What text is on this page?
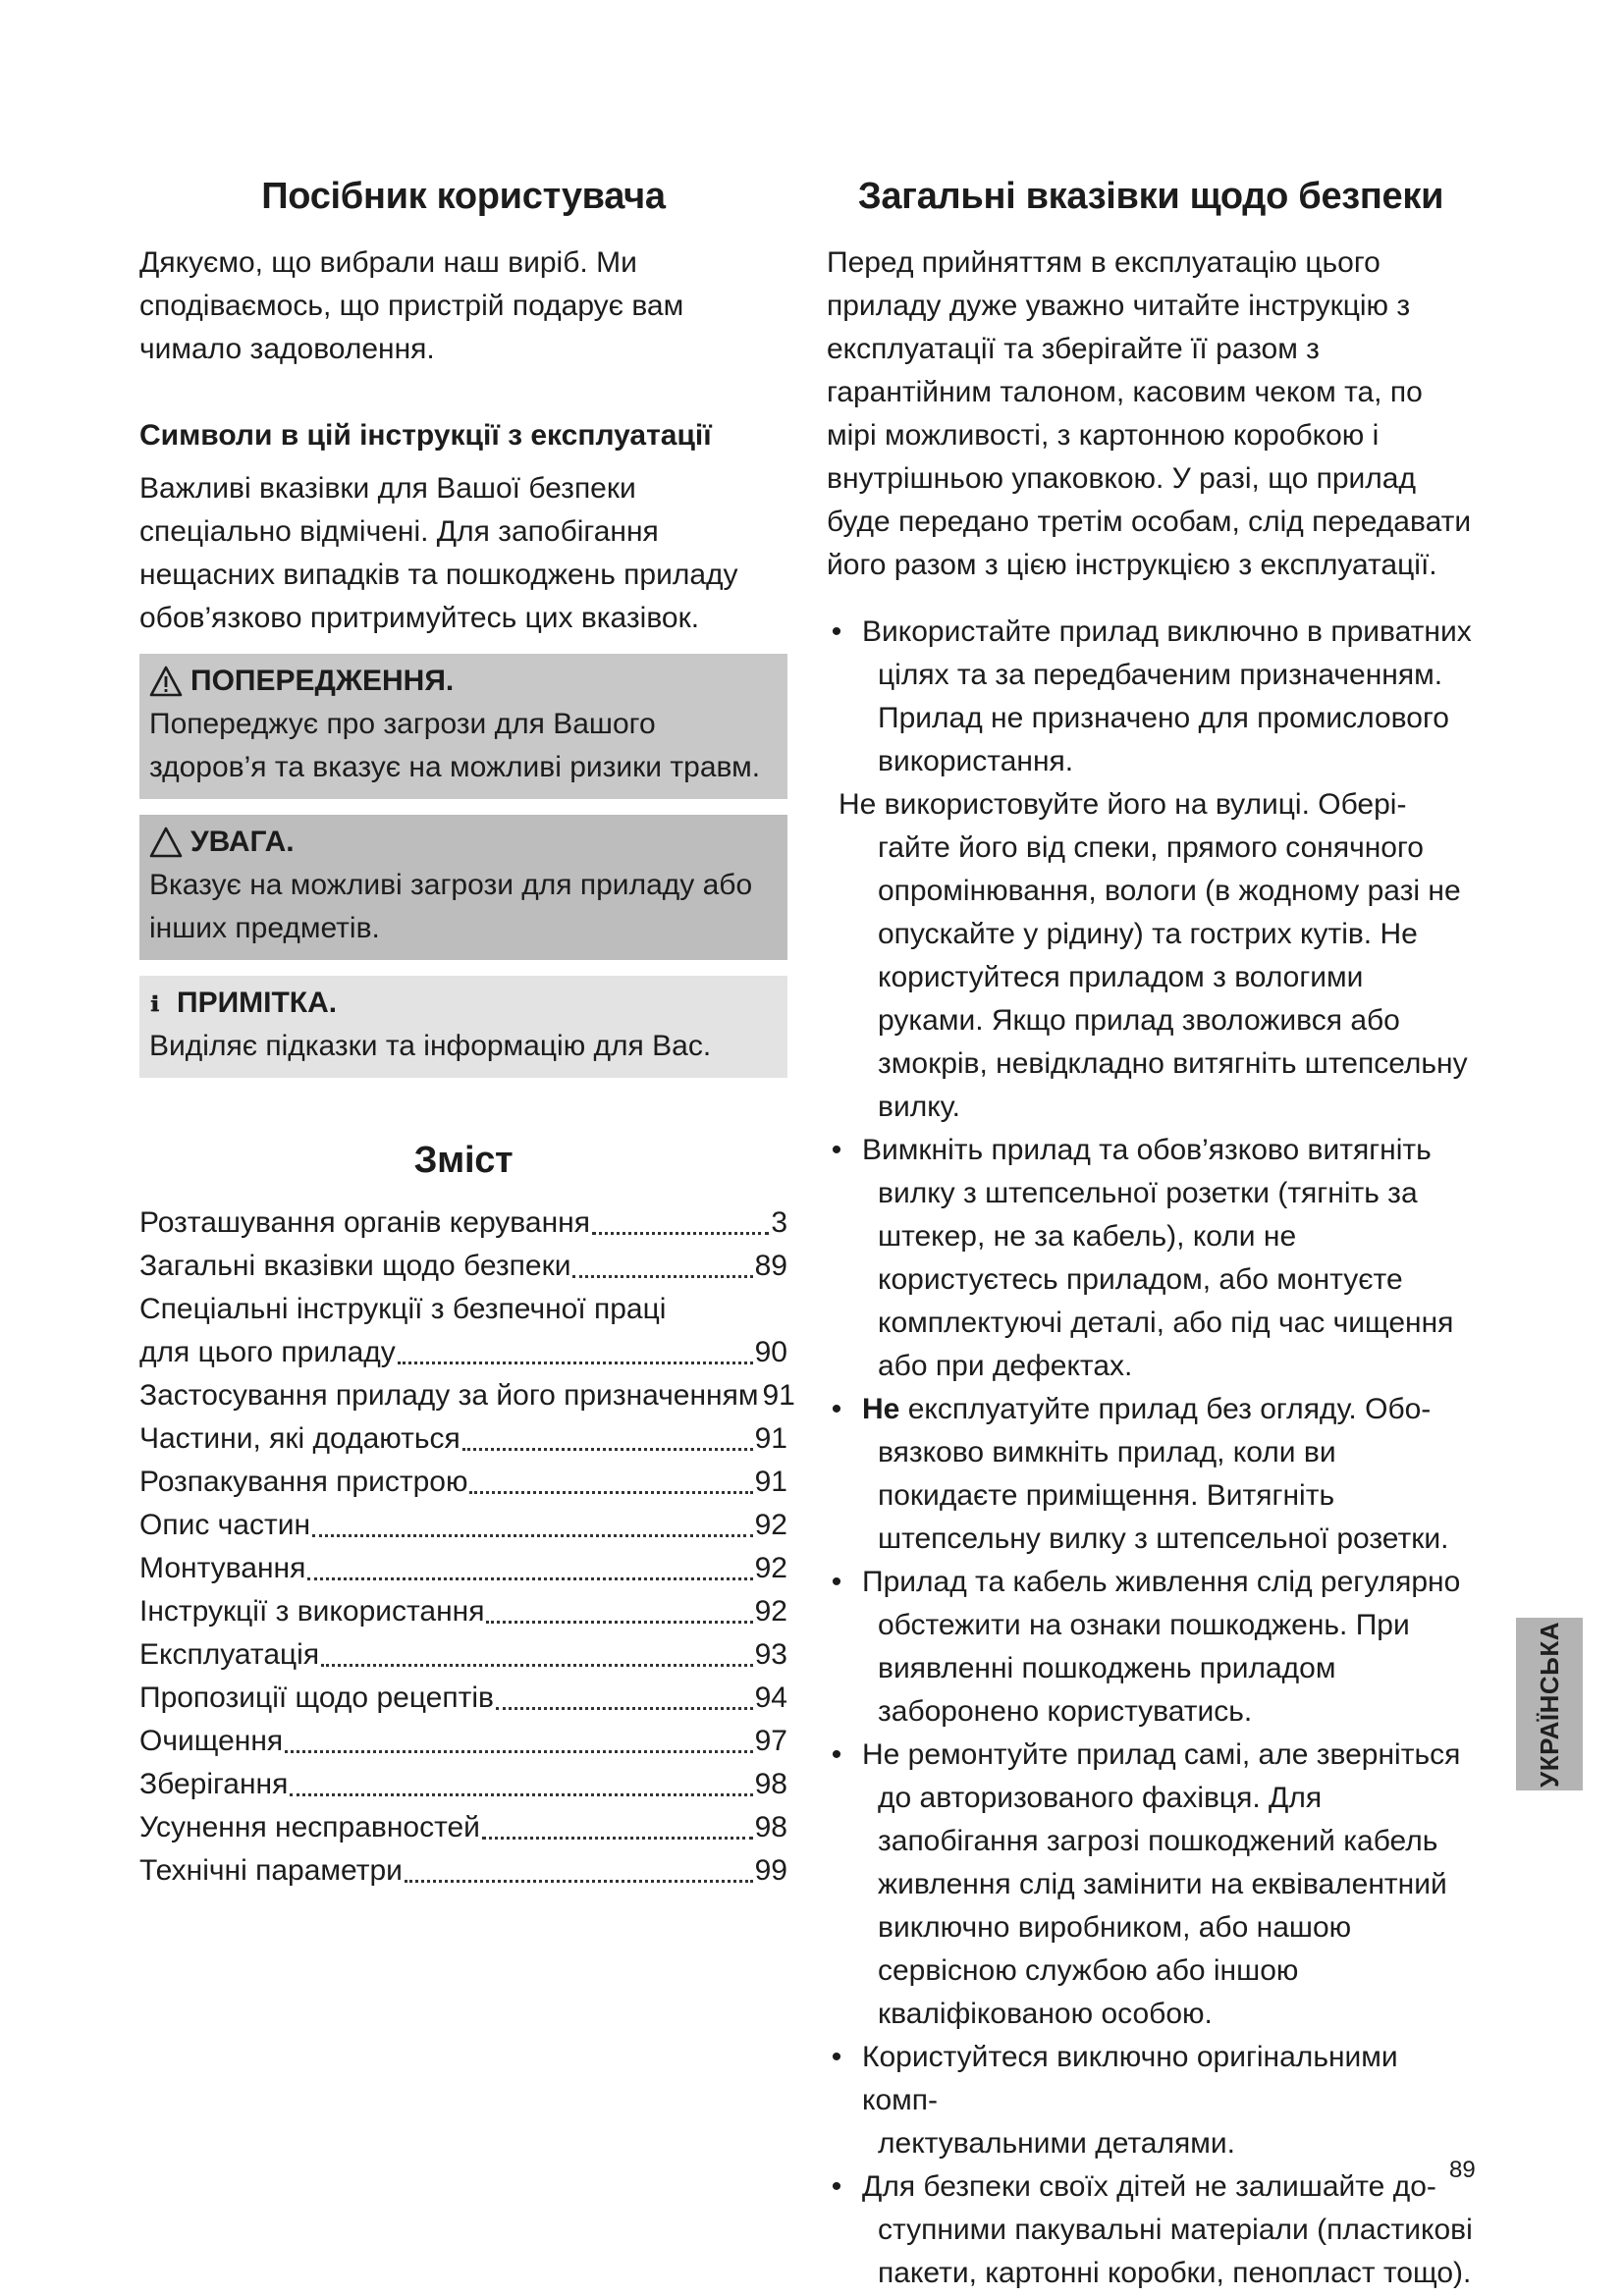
Посібник користувача

Дякуємо, що вибрали наш виріб. Ми сподіваємось, що пристрій подарує вам чимало задоволення.

Символи в цій інструкції з експлуатації

Важливі вказівки для Вашої безпеки спеціально відмічені. Для запобігання нещасних випадків та пошкоджень приладу обов’язково притримуйтесь цих вказівок.

ПОПЕРЕДЖЕННЯ.

Попереджує про загрози для Вашого здоров’я та вказує на можливі ризики травм.

УВАГА.

Вказує на можливі загрози для приладу або інших предметів.

ПРИМІТКА.

Виділяє підказки та інформацію для Вас.

Зміст
Розташування органів керування	3
Загальні вказівки щодо безпеки	89
Спеціальні інструкції з безпечної праці
для цього приладу	90
Застосування приладу за його призначенням 91
Частини, які додаються	91
Розпакування пристрою	91
Опис частин	92
Монтування	92
Інструкції з використання	92
Експлуатація	93
Пропозиції щодо рецептів	94
Очищення	97
Зберігання	98
Усунення несправностей	98
Технічні параметри	99
Загальні вказівки щодо безпеки

Перед прийняттям в експлуатацію цього приладу дуже уважно читайте інструкцію з експлуатації та зберігайте її разом з гарантійним талоном, касовим чеком та, по мірі можливості, з картонною коробкою і внутрішньою упаковкою. У разі, що прилад буде передано третім особам, слід передавати його разом з цією інструкцією з експлуатації.

• Використайте прилад виключно в приватних
цілях та за передбаченим призначенням. Прилад не призначено для промислового використання.
Не використовуйте його на вулиці. Обері-
гайте його від спеки, прямого сонячного опромінювання, вологи (в жодному разі не опускайте у рідину) та гострих кутів. Не користуйтеся приладом з вологими руками. Якщо прилад зволожився або змокрів, невідкладно витягніть штепсельну вилку.
• Вимкніть прилад та обов’язково витягніть
вилку з штепсельної розетки (тягніть за штекер, не за кабель), коли не користуєтесь приладом, або монтуєте комплектуючі деталі, або під час чищення або при дефектах.
• Не експлуатуйте прилад без огляду. Обо-
вязково вимкніть прилад, коли ви покидаєте приміщення. Витягніть штепсельну вилку з штепсельної розетки.
• Прилад та кабель живлення слід регулярно
обстежити на ознаки пошкоджень. При виявленні пошкоджень приладом заборонено користуватись.
• Не ремонтуйте прилад самі, але зверніться
до авторизованого фахівця. Для запобігання загрозі пошкоджений кабель живлення слід замінити на еквівалентний виключно виробником, або нашою сервісною службою або іншою кваліфікованою особою.
• Користуйтеся виключно оригінальними комп-
лектувальними деталями.
• Для безпеки своїх дітей не залишайте до-
ступними пакувальні матеріали (пластикові пакети, картонні коробки, пенопласт тощо).
УКРАЇНСЬКА
89
